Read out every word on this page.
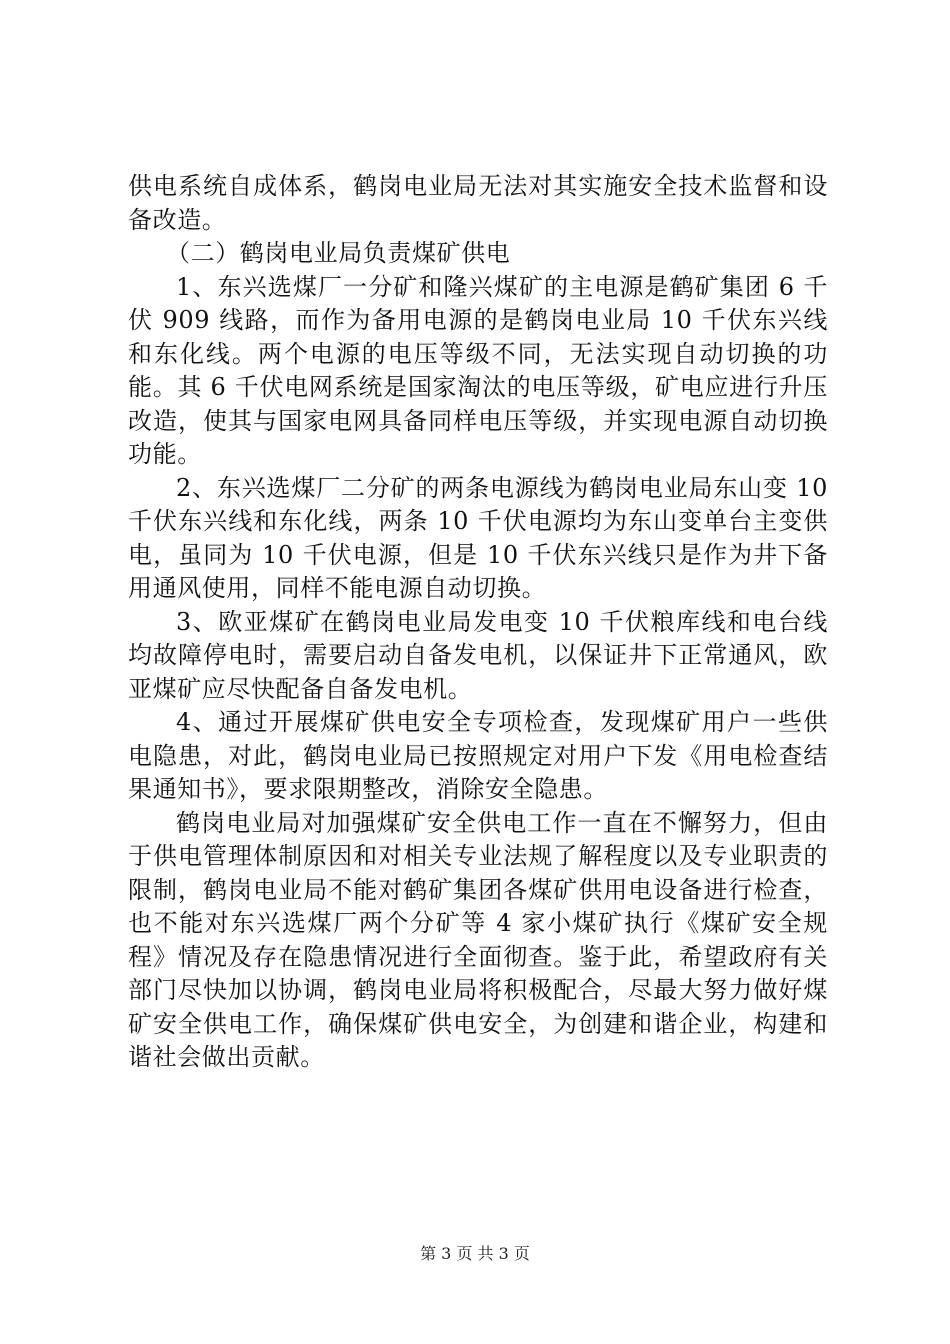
供电系统自成体系，鹤岗电业局无法对其实施安全技术监督和设备改造。

（二）鹤岗电业局负责煤矿供电

1、东兴选煤厂一分矿和隆兴煤矿的主电源是鹤矿集团 6 千伏 909 线路，而作为备用电源的是鹤岗电业局 10 千伏东兴线和东化线。两个电源的电压等级不同，无法实现自动切换的功能。其 6 千伏电网系统是国家淘汰的电压等级，矿电应进行升压改造，使其与国家电网具备同样电压等级，并实现电源自动切换功能。

2、东兴选煤厂二分矿的两条电源线为鹤岗电业局东山变 10 千伏东兴线和东化线，两条 10 千伏电源均为东山变单台主变供电，虽同为 10 千伏电源，但是 10 千伏东兴线只是作为井下备用通风使用，同样不能电源自动切换。

3、欧亚煤矿在鹤岗电业局发电变 10 千伏粮库线和电台线均故障停电时，需要启动自备发电机，以保证井下正常通风，欧亚煤矿应尽快配备自备发电机。

4、通过开展煤矿供电安全专项检查，发现煤矿用户一些供电隐患，对此，鹤岗电业局已按照规定对用户下发《用电检查结果通知书》，要求限期整改，消除安全隐患。

鹤岗电业局对加强煤矿安全供电工作一直在不懈努力，但由于供电管理体制原因和对相关专业法规了解程度以及专业职责的限制，鹤岗电业局不能对鹤矿集团各煤矿供用电设备进行检查，也不能对东兴选煤厂两个分矿等 4 家小煤矿执行《煤矿安全规程》情况及存在隐患情况进行全面彻查。鉴于此，希望政府有关部门尽快加以协调，鹤岗电业局将积极配合，尽最大努力做好煤矿安全供电工作，确保煤矿供电安全，为创建和谐企业，构建和谐社会做出贡献。

第 3 页 共 3 页
